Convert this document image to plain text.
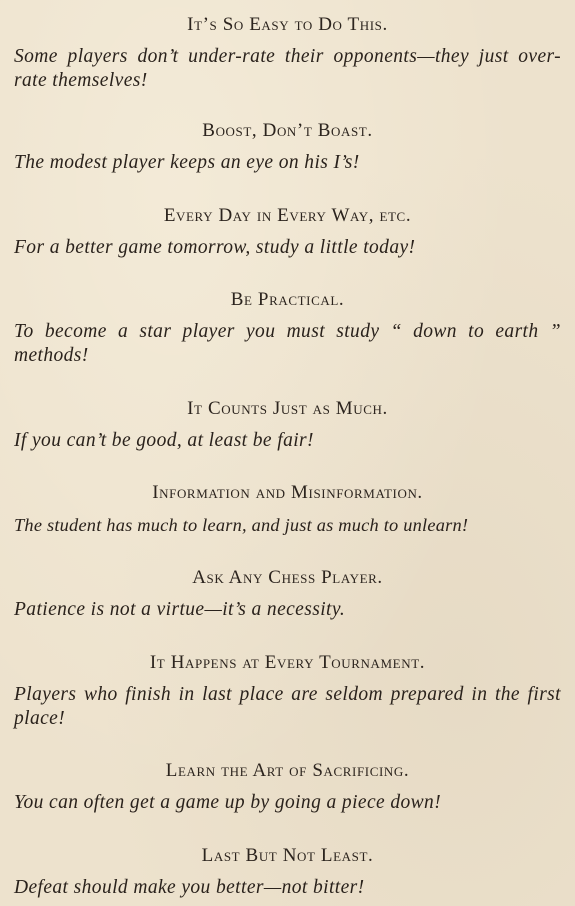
It’s So Easy to Do This.
Some players don’t under-rate their opponents—they just over-rate themselves!
Boost, Don’t Boast.
The modest player keeps an eye on his I’s!
Every Day in Every Way, etc.
For a better game tomorrow, study a little today!
Be Practical.
To become a star player you must study “ down to earth ” methods!
It Counts Just as Much.
If you can’t be good, at least be fair!
Information and Misinformation.
The student has much to learn, and just as much to unlearn!
Ask Any Chess Player.
Patience is not a virtue—it’s a necessity.
It Happens at Every Tournament.
Players who finish in last place are seldom prepared in the first place!
Learn the Art of Sacrificing.
You can often get a game up by going a piece down!
Last But Not Least.
Defeat should make you better—not bitter!
